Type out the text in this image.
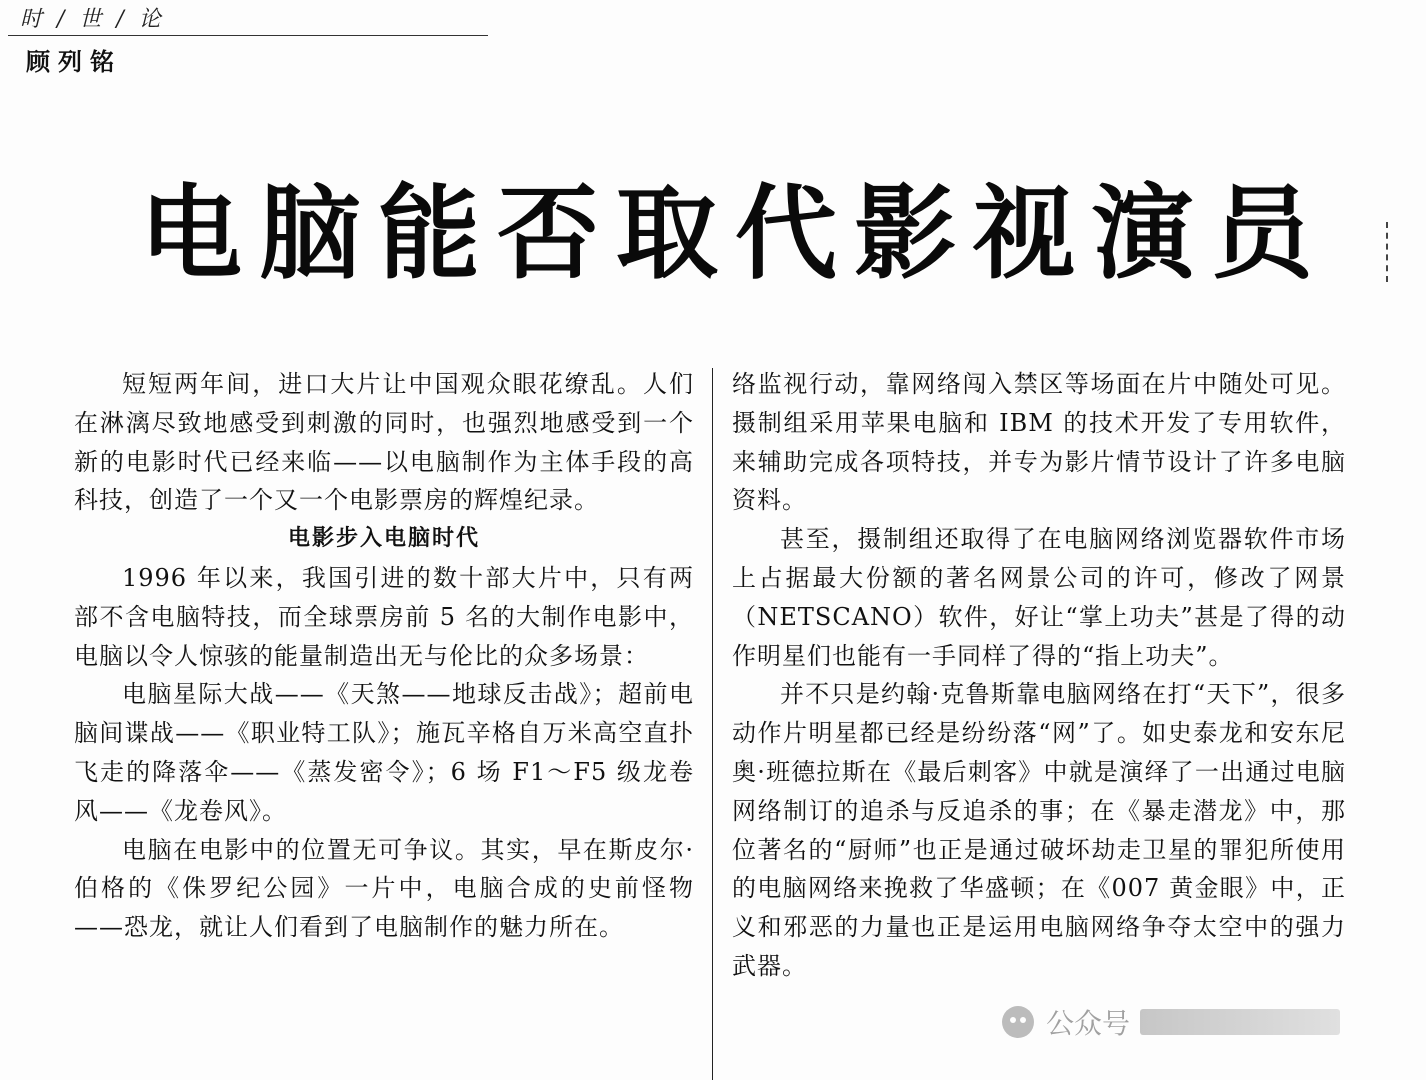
时 / 世 / 论
顾列铭
电脑能否取代影视演员

短短两年间，进口大片让中国观众眼花缭乱。人们在淋漓尽致地感受到刺激的同时，也强烈地感受到一个新的电影时代已经来临——以电脑制作为主体手段的高科技，创造了一个又一个电影票房的辉煌纪录。

电影步入电脑时代

1996 年以来，我国引进的数十部大片中，只有两部不含电脑特技，而全球票房前 5 名的大制作电影中，电脑以令人惊骇的能量制造出无与伦比的众多场景：

电脑星际大战——《天煞——地球反击战》；超前电脑间谍战——《职业特工队》；施瓦辛格自万米高空直扑飞走的降落伞——《蒸发密令》；6 场 F1～F5 级龙卷风——《龙卷风》。

电脑在电影中的位置无可争议。其实，早在斯皮尔·伯格的《侏罗纪公园》一片中，电脑合成的史前怪物——恐龙，就让人们看到了电脑制作的魅力所在。

络监视行动，靠网络闯入禁区等场面在片中随处可见。摄制组采用苹果电脑和 IBM 的技术开发了专用软件，来辅助完成各项特技，并专为影片情节设计了许多电脑资料。

甚至，摄制组还取得了在电脑网络浏览器软件市场上占据最大份额的著名网景公司的许可，修改了网景（NETSCANO）软件，好让“掌上功夫”甚是了得的动作明星们也能有一手同样了得的“指上功夫”。

并不只是约翰·克鲁斯靠电脑网络在打“天下”，很多动作片明星都已经是纷纷落“网”了。如史泰龙和安东尼奥·班德拉斯在《最后刺客》中就是演绎了一出通过电脑网络制订的追杀与反追杀的事；在《暴走潜龙》中，那位著名的“厨师”也正是通过破坏劫走卫星的罪犯所使用的电脑网络来挽救了华盛顿；在《007 黄金眼》中，正义和邪恶的力量也正是运用电脑网络争夺太空中的强力武器。

公众号
